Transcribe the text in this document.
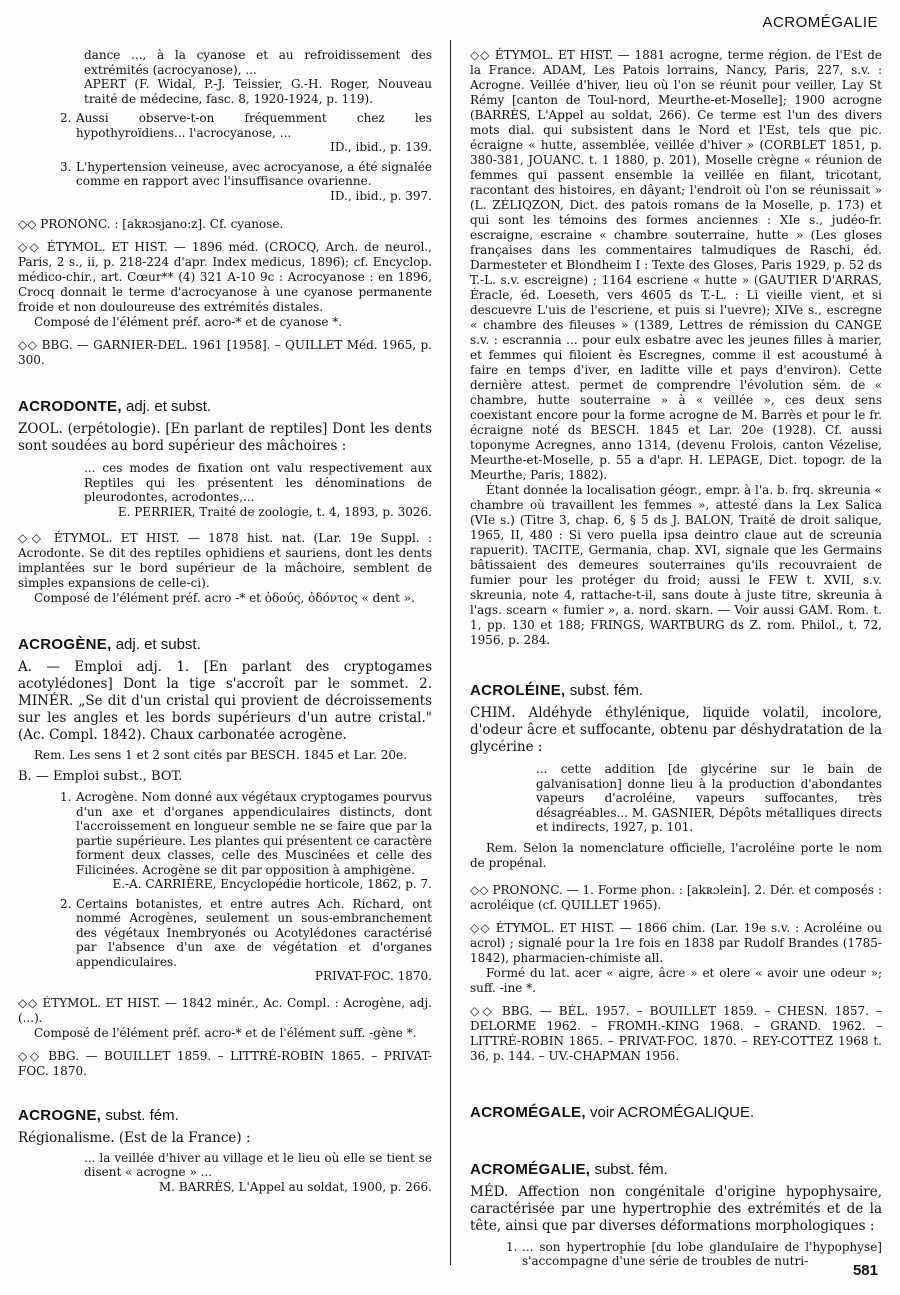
ACROMÉGALIE

dance ..., à la cyanose et au refroidissement des extrémités (acrocyanose), ...

APERT (F. Widal, P.-J. Teissier, G.-H. Roger, Nouveau traité de médecine, fasc. 8, 1920-1924, p. 119).

2. Aussi observe-t-on fréquemment chez les hypothyroïdiens... l'acrocyanose, ...
ID., ibid., p. 139.
3. L'hypertension veineuse, avec acrocyanose, a été signalée comme en rapport avec l'insuffisance ovarienne.
ID., ibid., p. 397.

◇◇ PRONONC. : [akʀɔsjano:z]. Cf. cyanose.

◇◇ ÉTYMOL. ET HIST. — 1896 méd. (CROCQ, Arch. de neurol., Paris, 2 s., ii, p. 218-224 d'apr. Index medicus, 1896); cf. Encyclop. médico-chir., art. Cœur** (4) 321 A-10 9c : Acrocyanose : en 1896, Crocq donnait le terme d'acrocyanose à une cyanose permanente froide et non douloureuse des extrémités distales.

Composé de l'élément préf. acro-* et de cyanose *.

◇◇ BBG. — GARNIER-DEL. 1961 [1958]. – QUILLET Méd. 1965, p. 300.

ACRODONTE, adj. et subst.

ZOOL. (erpétologie). [En parlant de reptiles] Dont les dents sont soudées au bord supérieur des mâchoires :

... ces modes de fixation ont valu respectivement aux Reptiles qui les présentent les dénominations de pleurodontes, acrodontes,...

E. PERRIER, Traité de zoologie, t. 4, 1893, p. 3026.

◇◇ ÉTYMOL. ET HIST. — 1878 hist. nat. (Lar. 19e Suppl. : Acrodonte. Se dit des reptiles ophidiens et sauriens, dont les dents implantées sur le bord supérieur de la mâchoire, semblent de simples expansions de celle-ci).

Composé de l'élément préf. acro -* et ὀδούς, ὀδόντος « dent ».

ACROGÈNE, adj. et subst.

A. — Emploi adj. 1. [En parlant des cryptogames acotylédones] Dont la tige s'accroît par le sommet. 2. MINÉR. „Se dit d'un cristal qui provient de décroissements sur les angles et les bords supérieurs d'un autre cristal." (Ac. Compl. 1842). Chaux carbonatée acrogène.

Rem. Les sens 1 et 2 sont cités par BESCH. 1845 et Lar. 20e.

B. — Emploi subst., BOT.

1. Acrogène. Nom donné aux végétaux cryptogames pourvus d'un axe et d'organes appendiculaires distincts, dont l'accroissement en longueur semble ne se faire que par la partie supérieure. Les plantes qui présentent ce caractère forment deux classes, celle des Muscinées et celle des Filicinées. Acrogène se dit par opposition à amphigène.
E.-A. CARRIÈRE, Encyclopédie horticole, 1862, p. 7.
2. Certains botanistes, et entre autres Ach. Richard, ont nommé Acrogènes, seulement un sous-embranchement des végétaux Inembryonés ou Acotylédones caractérisé par l'absence d'un axe de végétation et d'organes appendiculaires.
PRIVAT-FOC. 1870.

◇◇ ÉTYMOL. ET HIST. — 1842 minér., Ac. Compl. : Acrogène, adj. (...).

Composé de l'élément préf. acro-* et de l'élément suff. -gène *.

◇◇ BBG. — BOUILLET 1859. – LITTRÉ-ROBIN 1865. – PRIVAT-FOC. 1870.

ACROGNE, subst. fém.

Régionalisme. (Est de la France) :

... la veillée d'hiver au village et le lieu où elle se tient se disent « acrogne » ...

M. BARRÈS, L'Appel au soldat, 1900, p. 266.

◇◇ ÉTYMOL. ET HIST. — 1881 acrogne, terme région. de l'Est de la France. ADAM, Les Patois lorrains, Nancy, Paris, 227, s.v. : Acrogne. Veillée d'hiver, lieu où l'on se réunit pour veiller, Lay St Rémy [canton de Toul-nord, Meurthe-et-Moselle]; 1900 acrogne (BARRÈS, L'Appel au soldat, 266). Ce terme est l'un des divers mots dial. qui subsistent dans le Nord et l'Est, tels que pic. écraigne « hutte, assemblée, veillée d'hiver » (CORBLET 1851, p. 380-381, JOUANC. t. 1 1880, p. 201), Moselle crègne « réunion de femmes qui passent ensemble la veillée en filant, tricotant, racontant des histoires, en dâyant; l'endroit où l'on se réunissait » (L. ZÉLIQZON, Dict. des patois romans de la Moselle, p. 173) et qui sont les témoins des formes anciennes : XIe s., judéo-fr. escraigne, escraine « chambre souterraine, hutte » (Les gloses françaises dans les commentaires talmudiques de Raschi, éd. Darmesteter et Blondheim I : Texte des Gloses, Paris 1929, p. 52 ds T.-L. s.v. escreigne) ; 1164 escriene « hutte » (GAUTIER D'ARRAS, Éracle, éd. Loeseth, vers 4605 ds T.-L. : Li vieille vient, et si descuevre L'uis de l'escriene, et puis si l'uevre); XIVe s., escregne « chambre des fileuses » (1389, Lettres de rémission du CANGE s.v. : escrannia ... pour eulx esbatre avec les jeunes filles à marier, et femmes qui filoient ès Escregnes, comme il est acoustumé à faire en temps d'iver, en laditte ville et pays d'environ). Cette dernière attest. permet de comprendre l'évolution sém. de « chambre, hutte souterraine » à « veillée », ces deux sens coexistant encore pour la forme acrogne de M. Barrès et pour le fr. écraigne noté ds BESCH. 1845 et Lar. 20e (1928). Cf. aussi toponyme Acregnes, anno 1314, (devenu Frolois, canton Vézelise, Meurthe-et-Moselle, p. 55 a d'apr. H. LEPAGE, Dict. topogr. de la Meurthe, Paris, 1882).

Étant donnée la localisation géogr., empr. à l'a. b. frq. skreunia « chambre où travaillent les femmes », attesté dans la Lex Salica (VIe s.) (Titre 3, chap. 6, § 5 ds J. BALON, Traité de droit salique, 1965, II, 480 : Si vero puella ipsa deintro claue aut de screunia rapuerit). TACITE, Germania, chap. XVI, signale que les Germains bâtissaient des demeures souterraines qu'ils recouvraient de fumier pour les protéger du froid; aussi le FEW t. XVII, s.v. skreunia, note 4, rattache-t-il, sans doute à juste titre, skreunia à l'ags. scearn « fumier », a. nord. skarn. — Voir aussi GAM. Rom. t. 1, pp. 130 et 188; FRINGS, WARTBURG ds Z. rom. Philol., t. 72, 1956, p. 284.

ACROLÉINE, subst. fém.

CHIM. Aldéhyde éthylénique, liquide volatil, incolore, d'odeur âcre et suffocante, obtenu par déshydratation de la glycérine :

... cette addition [de glycérine sur le bain de galvanisation] donne lieu à la production d'abondantes vapeurs d'acroléine, vapeurs suffocantes, très désagréables... M. GASNIER, Dépôts métalliques directs et indirects, 1927, p. 101.

Rem. Selon la nomenclature officielle, l'acroléine porte le nom de propénal.

◇◇ PRONONC. — 1. Forme phon. : [akʀɔlein]. 2. Dér. et composés : acroléique (cf. QUILLET 1965).

◇◇ ÉTYMOL. ET HIST. — 1866 chim. (Lar. 19e s.v. : Acroléine ou acrol) ; signalé pour la 1re fois en 1838 par Rudolf Brandes (1785-1842), pharmacien-chimiste all.

Formé du lat. acer « aigre, âcre » et olere « avoir une odeur »; suff. -ine *.

◇◇ BBG. — BÉL. 1957. – BOUILLET 1859. – CHESN. 1857. – DELORME 1962. – FROMH.-KING 1968. – GRAND. 1962. – LITTRÉ-ROBIN 1865. – PRIVAT-FOC. 1870. – REY-COTTEZ 1968 t. 36, p. 144. – UV.-CHAPMAN 1956.

ACROMÉGALE, voir ACROMÉGALIQUE.
ACROMÉGALIE, subst. fém.

MÉD. Affection non congénitale d'origine hypophysaire, caractérisée par une hypertrophie des extrémités et de la tête, ainsi que par diverses déformations morphologiques :

1. ... son hypertrophie [du lobe glandulaire de l'hypophyse] s'accompagne d'une série de troubles de nutri-
581
